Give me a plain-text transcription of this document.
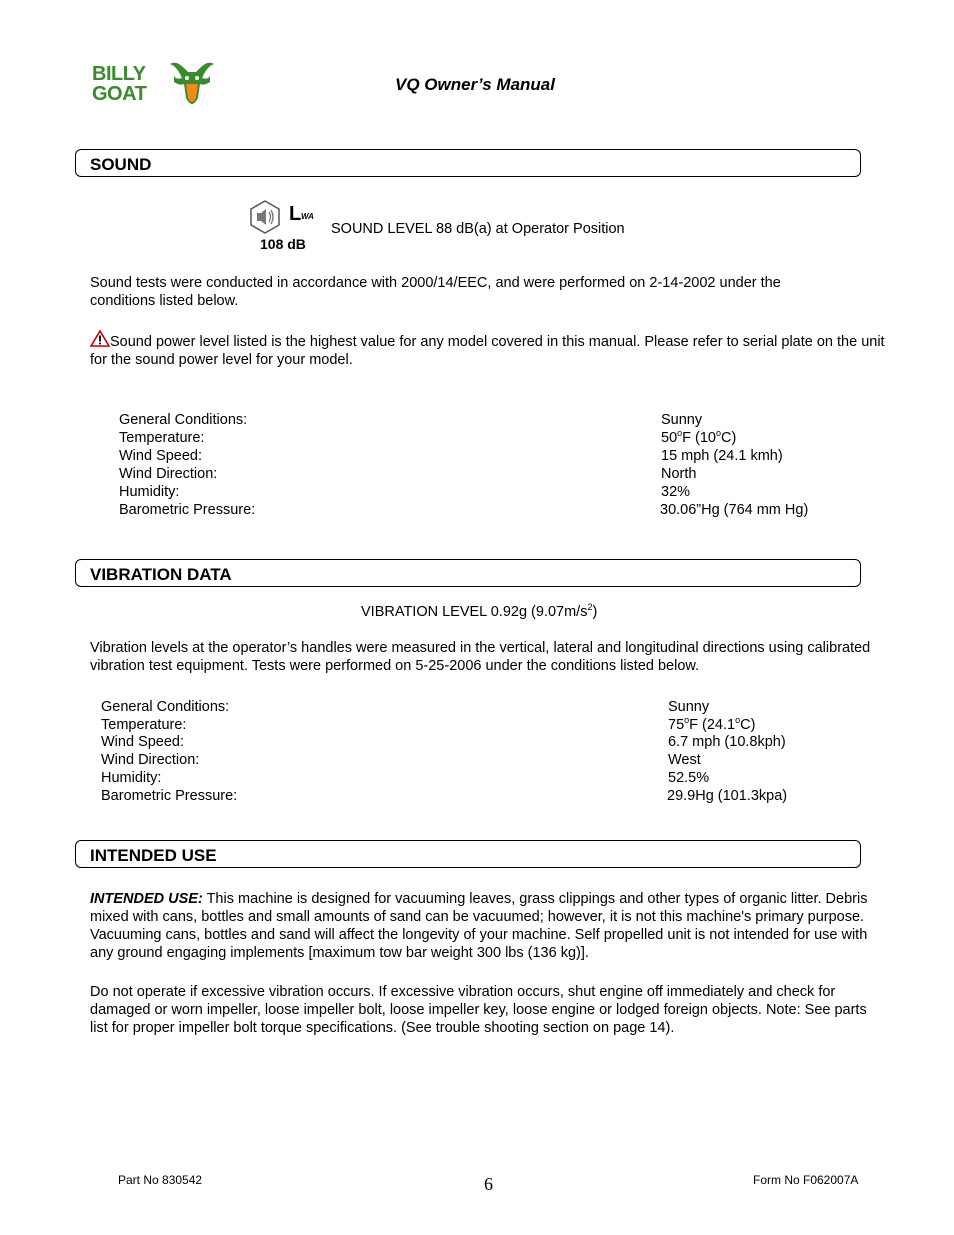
BILLY
GOAT	VQ Owner’s Manual
SOUND
L WA
108 dB
SOUND LEVEL 88 dB(a) at Operator Position

Sound tests were conducted in accordance with 2000/14/EEC, and were performed on 2-14-2002 under the conditions listed below.

Sound power level listed is the highest value for any model covered in this manual. Please refer to serial plate on the unit for the sound power level for your model.
General Conditions:	Sunny
Temperature:	50$^o$F (10$^o$C)
Wind Speed:	15 mph (24.1 kmh)
Wind Direction:	North
Humidity:	32%
Barometric Pressure:	30.06”Hg (764 mm Hg)
VIBRATION DATA
VIBRATION LEVEL 0.92g $(9.07m/s^2)$

Vibration levels at the operator’s handles were measured in the vertical, lateral and longitudinal directions using calibrated vibration test equipment. Tests were performed on 5-25-2006 under the conditions listed below.

General Conditions:	Sunny
Temperature:	75$^o$F (24.1$^o$C)
Wind Speed:	6.7 mph (10.8kph)
Wind Direction:	West
Humidity:	52.5%
Barometric Pressure:	29.9Hg (101.3kpa)
INTENDED USE

INTENDED USE: This machine is designed for vacuuming leaves, grass clippings and other types of organic litter. Debris mixed with cans, bottles and small amounts of sand can be vacuumed; however, it is not this machine's primary purpose. Vacuuming cans, bottles and sand will affect the longevity of your machine. Self propelled unit is not intended for use with any ground engaging implements [maximum tow bar weight 300 lbs (136 kg)].

Do not operate if excessive vibration occurs. If excessive vibration occurs, shut engine off immediately and check for damaged or worn impeller, loose impeller bolt, loose impeller key, loose engine or lodged foreign objects. Note: See parts list for proper impeller bolt torque specifications. (See trouble shooting section on page 14).

Part No 830542	6	Form No F062007A
